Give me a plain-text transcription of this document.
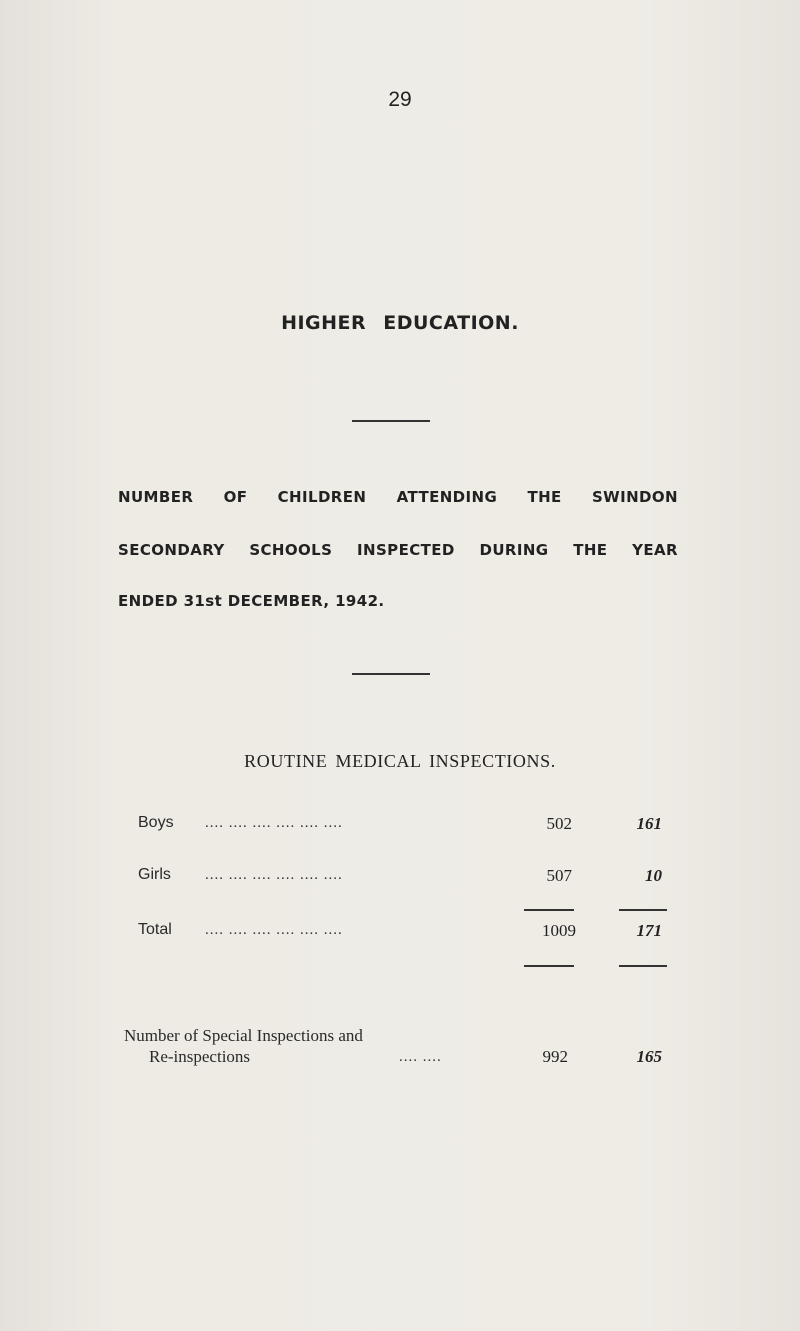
29
HIGHER EDUCATION.
NUMBER OF CHILDREN ATTENDING THE SWINDON
SECONDARY SCHOOLS INSPECTED DURING THE YEAR
ENDED 31st DECEMBER, 1942.
ROUTINE MEDICAL INSPECTIONS.
Boys .... .... .... .... .... ....	502	161
Girls .... .... .... .... .... ....	507	10
Total .... .... .... .... .... ....	1009	171
Number of Special Inspections and
Re-inspections	.... ....	992	165
